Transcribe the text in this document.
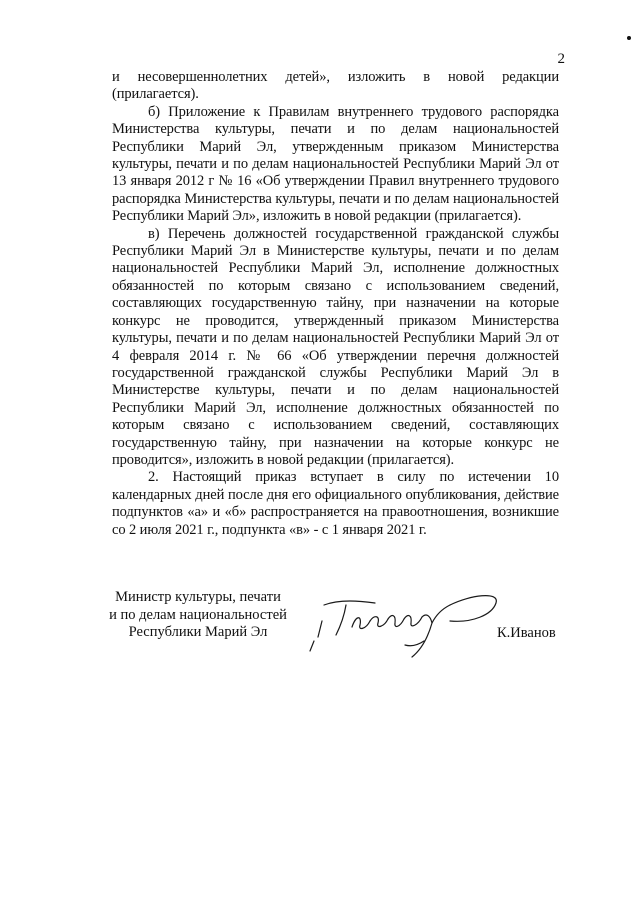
2

и несовершеннолетних детей», изложить в новой редакции (прилагается).

б) Приложение к Правилам внутреннего трудового распорядка Министерства культуры, печати и по делам национальностей Республики Марий Эл, утвержденным приказом Министерства культуры, печати и по делам национальностей Республики Марий Эл от 13 января 2012 г № 16 «Об утверждении Правил внутреннего трудового распорядка Министерства культуры, печати и по делам национальностей Республики Марий Эл», изложить в новой редакции (прилагается).

в) Перечень должностей государственной гражданской службы Республики Марий Эл в Министерстве культуры, печати и по делам национальностей Республики Марий Эл, исполнение должностных обязанностей по которым связано с использованием сведений, составляющих государственную тайну, при назначении на которые конкурс не проводится, утвержденный приказом Министерства культуры, печати и по делам национальностей Республики Марий Эл от 4 февраля 2014 г. № 66 «Об утверждении перечня должностей государственной гражданской службы Республики Марий Эл в Министерстве культуры, печати и по делам национальностей Республики Марий Эл, исполнение должностных обязанностей по которым связано с использованием сведений, составляющих государственную тайну, при назначении на которые конкурс не проводится», изложить в новой редакции (прилагается).

2. Настоящий приказ вступает в силу по истечении 10 календарных дней после дня его официального опубликования, действие подпунктов «а» и «б» распространяется на правоотношения, возникшие со 2 июля 2021 г., подпункта «в» - с 1 января 2021 г.

Министр культуры, печати
и по делам национальностей
Республики Марий Эл	К.Иванов
